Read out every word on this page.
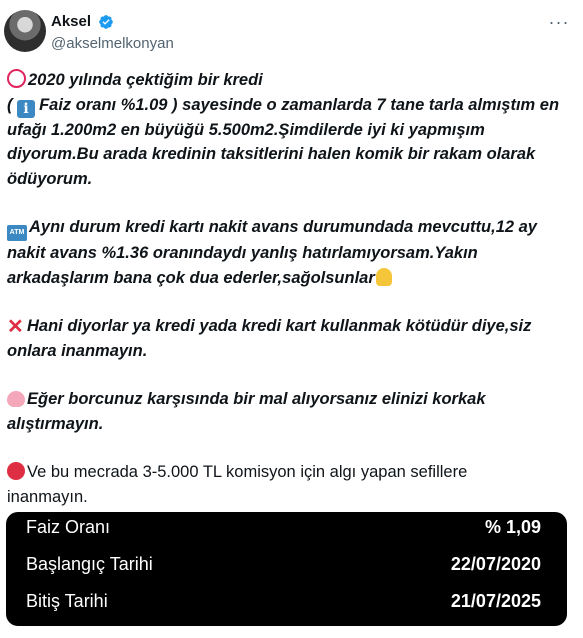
Aksel
@akselmelkonyan
···
2020 yılında çektiğim bir kredi
( i Faiz oranı %1.09 ) sayesinde o zamanlarda 7 tane tarla almıştım en
ufağı 1.200m2 en büyüğü 5.500m2.Şimdilerde iyi ki yapmışım
diyorum.Bu arada kredinin taksitlerini halen komik bir rakam olarak
ödüyorum.
ATM Aynı durum kredi kartı nakit avans durumundada mevcuttu,12 ay
nakit avans %1.36 oranındaydı yanlış hatırlamıyorsam.Yakın
arkadaşlarım bana çok dua ederler,sağolsunlar
✕ Hani diyorlar ya kredi yada kredi kart kullanmak kötüdür diye,siz
onlara inanmayın.
Eğer borcunuz karşısında bir mal alıyorsanız elinizi korkak
alıştırmayın.
Ve bu mecrada 3-5.000 TL komisyon için algı yapan sefillere
inanmayın.
Faiz Oranı	% 1,09
Başlangıç Tarihi	22/07/2020
Bitiş Tarihi	21/07/2025
